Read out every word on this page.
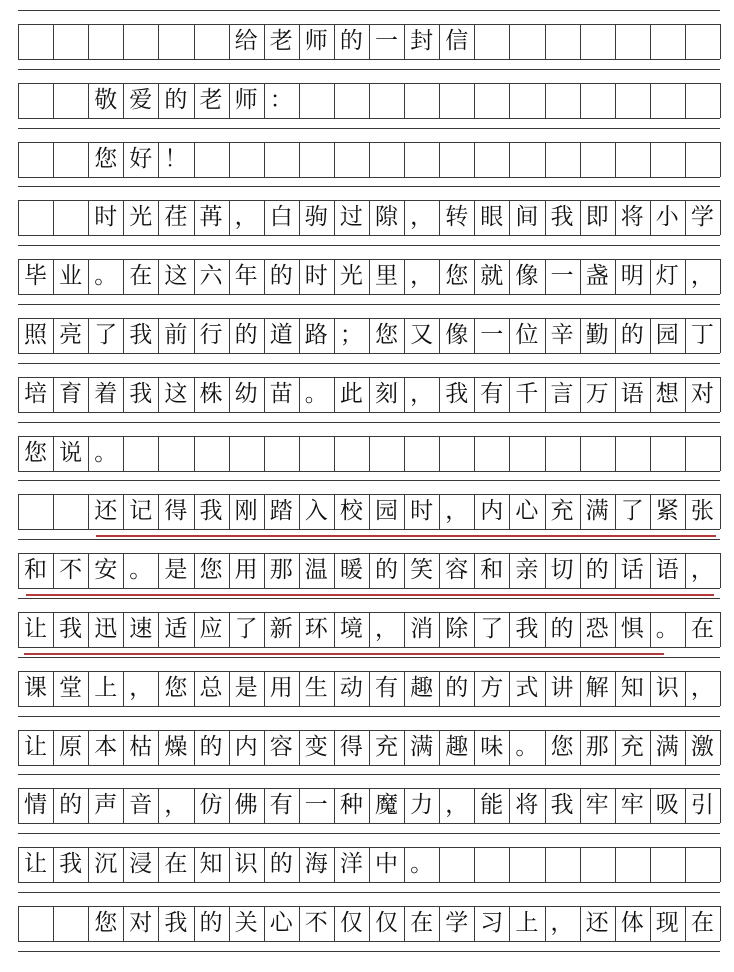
给 老 师 的 一 封 信
敬 爱 的 老 师 ：
您 好 ！
时 光 荏 苒 ， 白 驹 过 隙 ， 转 眼 间 我 即 将 小 学
毕 业 。 在 这 六 年 的 时 光 里 ， 您 就 像 一 盏 明 灯 ，
照 亮 了 我 前 行 的 道 路 ； 您 又 像 一 位 辛 勤 的 园 丁
培 育 着 我 这 株 幼 苗 。 此 刻 ， 我 有 千 言 万 语 想 对
您 说 。
还 记 得 我 刚 踏 入 校 园 时 ， 内 心 充 满 了 紧 张
和 不 安 。 是 您 用 那 温 暖 的 笑 容 和 亲 切 的 话 语 ，
让 我 迅 速 适 应 了 新 环 境 ， 消 除 了 我 的 恐 惧 。 在
课 堂 上 ， 您 总 是 用 生 动 有 趣 的 方 式 讲 解 知 识 ，
让 原 本 枯 燥 的 内 容 变 得 充 满 趣 味 。 您 那 充 满 激
情 的 声 音 ， 仿 佛 有 一 种 魔 力 ， 能 将 我 牢 牢 吸 引
让 我 沉 浸 在 知 识 的 海 洋 中 。
您 对 我 的 关 心 不 仅 仅 在 学 习 上 ， 还 体 现 在
